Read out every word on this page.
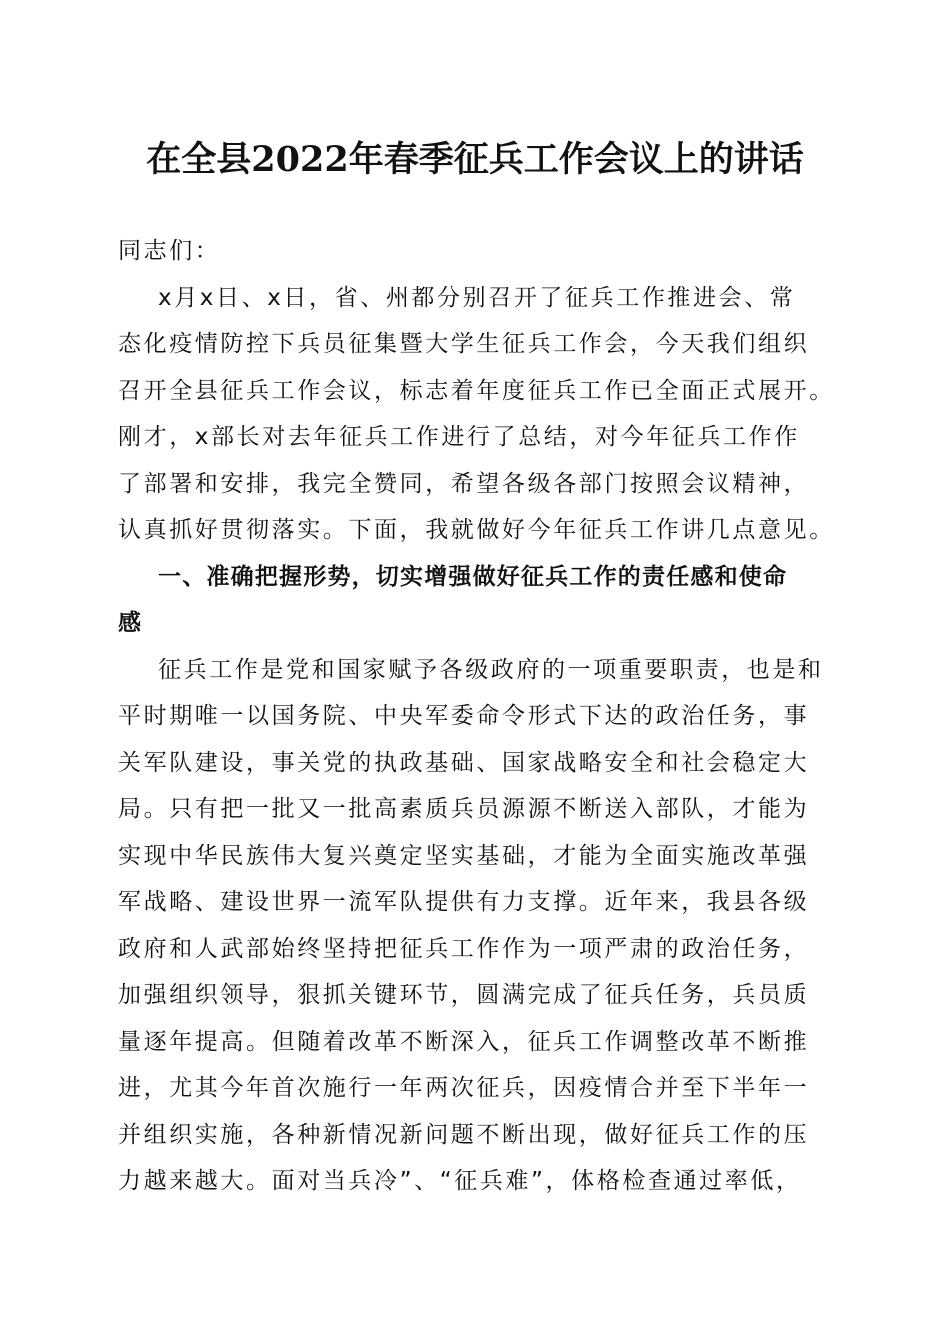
在全县2022年春季征兵工作会议上的讲话
同志们：
x月x日、x日，省、州都分别召开了征兵工作推进会、常
态化疫情防控下兵员征集暨大学生征兵工作会，今天我们组织
召开全县征兵工作会议，标志着年度征兵工作已全面正式展开。
刚才，x部长对去年征兵工作进行了总结，对今年征兵工作作
了部署和安排，我完全赞同，希望各级各部门按照会议精神，
认真抓好贯彻落实。下面，我就做好今年征兵工作讲几点意见。
一、准确把握形势，切实增强做好征兵工作的责任感和使命
感
征兵工作是党和国家赋予各级政府的一项重要职责，也是和
平时期唯一以国务院、中央军委命令形式下达的政治任务，事
关军队建设，事关党的执政基础、国家战略安全和社会稳定大
局。只有把一批又一批高素质兵员源源不断送入部队，才能为
实现中华民族伟大复兴奠定坚实基础，才能为全面实施改革强
军战略、建设世界一流军队提供有力支撑。近年来，我县各级
政府和人武部始终坚持把征兵工作作为一项严肃的政治任务，
加强组织领导，狠抓关键环节，圆满完成了征兵任务，兵员质
量逐年提高。但随着改革不断深入，征兵工作调整改革不断推
进，尤其今年首次施行一年两次征兵，因疫情合并至下半年一
并组织实施，各种新情况新问题不断出现，做好征兵工作的压
力越来越大。面对当兵冷”、“征兵难”，体格检查通过率低，
